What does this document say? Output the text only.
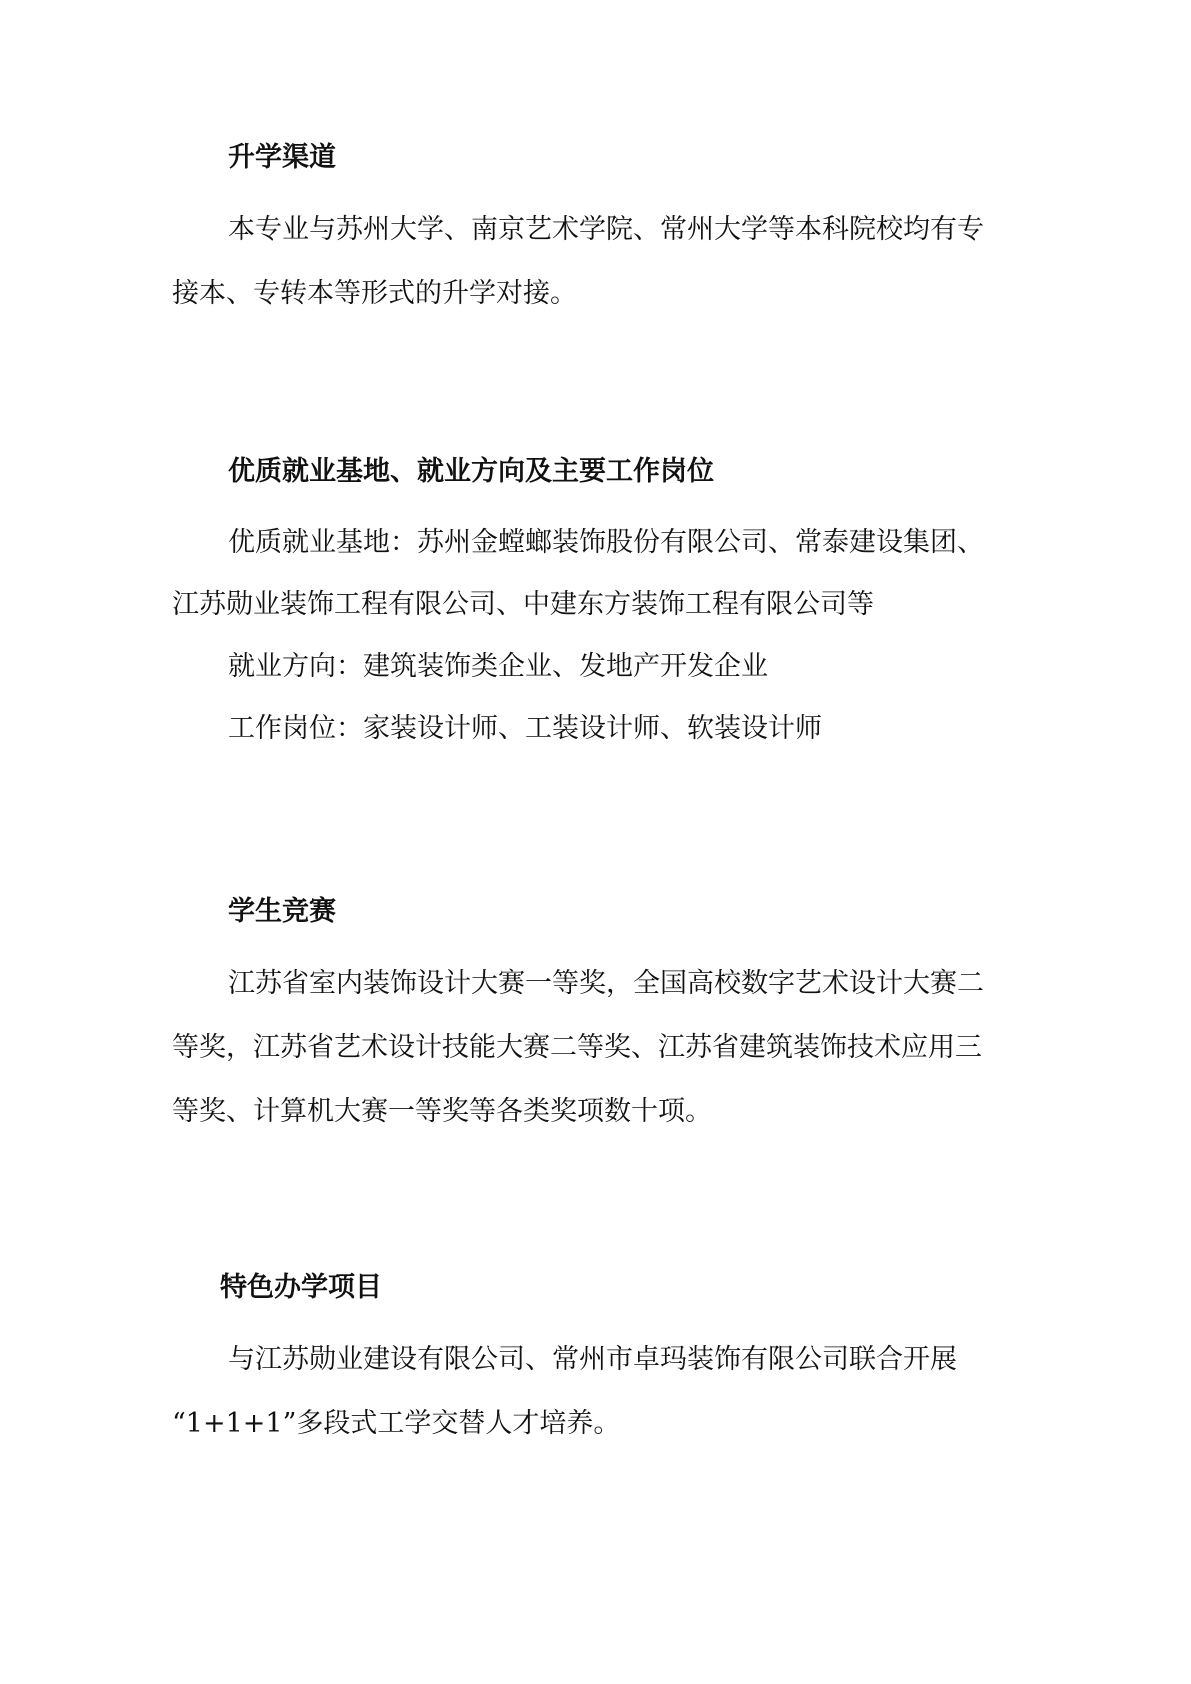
升学渠道
本专业与苏州大学、南京艺术学院、常州大学等本科院校均有专
接本、专转本等形式的升学对接。
优质就业基地、就业方向及主要工作岗位
优质就业基地：苏州金螳螂装饰股份有限公司、常泰建设集团、
江苏勋业装饰工程有限公司、中建东方装饰工程有限公司等
就业方向：建筑装饰类企业、发地产开发企业
工作岗位：家装设计师、工装设计师、软装设计师
学生竞赛
江苏省室内装饰设计大赛一等奖，全国高校数字艺术设计大赛二
等奖，江苏省艺术设计技能大赛二等奖、江苏省建筑装饰技术应用三
等奖、计算机大赛一等奖等各类奖项数十项。
特色办学项目
与江苏勋业建设有限公司、常州市卓玛装饰有限公司联合开展
“1+1+1”多段式工学交替人才培养。
